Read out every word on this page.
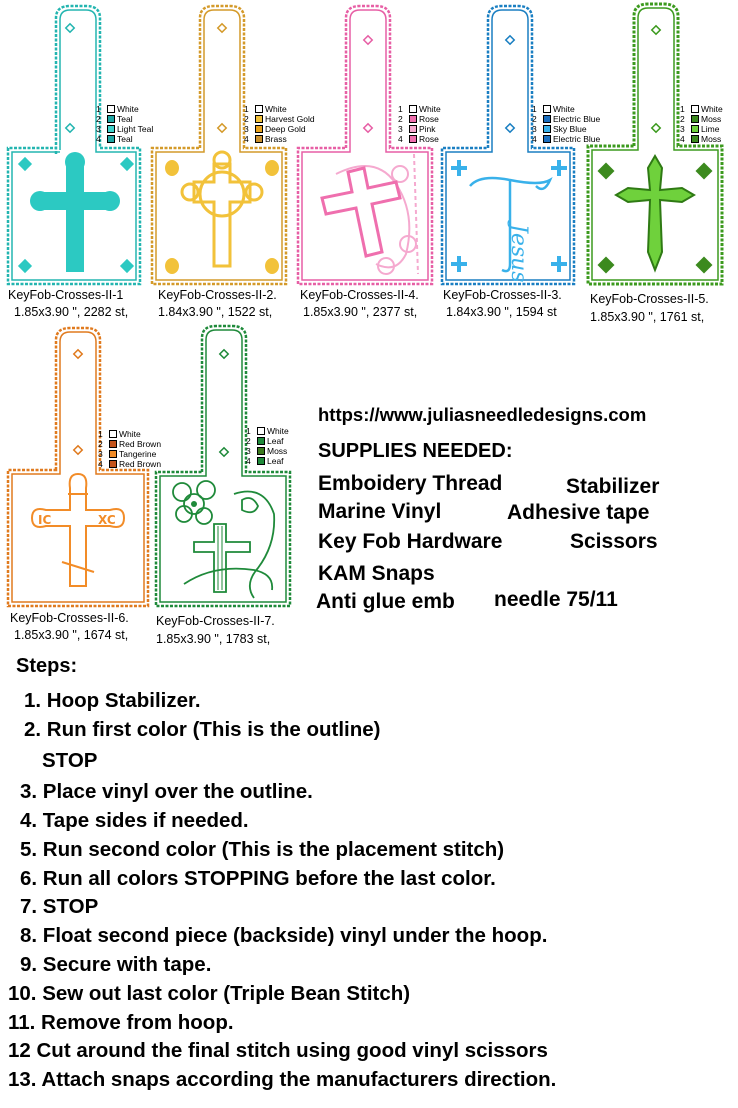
1	White
2	Teal
3	Light Teal
4	Teal
KeyFob-Crosses-II-1
1.85x3.90 ", 2282 st,
1	White
2	Harvest Gold
3	Deep Gold
4	Brass
KeyFob-Crosses-II-2.
1.84x3.90 ", 1522 st,
1	White
2	Rose
3	Pink
4	Rose
KeyFob-Crosses-II-4.
1.85x3.90 ", 2377 st,
Jesus
1	White
2	Electric Blue
3	Sky Blue
4	Electric Blue
KeyFob-Crosses-II-3.
1.84x3.90 ", 1594 st
1	White
2	Moss
3	Lime
4	Moss
KeyFob-Crosses-II-5.
1.85x3.90 ", 1761 st,
IC	XC
1	White
2	Red Brown
3	Tangerine
4	Red Brown
KeyFob-Crosses-II-6.
1.85x3.90 ", 1674 st,
1	White
2	Leaf
3	Moss
4	Leaf
KeyFob-Crosses-II-7.
1.85x3.90 ", 1783 st,
https://www.juliasneedledesigns.com
SUPPLIES NEEDED:
Emboidery Thread	Stabilizer
Marine Vinyl	Adhesive tape
Key Fob Hardware	Scissors
KAM Snaps
Anti glue emb needle 75/11
Steps:
1. Hoop Stabilizer.
2. Run first color (This is the outline)
STOP
3. Place vinyl over the outline.
4. Tape sides if needed.
5. Run second color (This is the placement stitch)
6. Run all colors STOPPING before the last color.
7. STOP
8. Float second piece (backside) vinyl under the hoop.
9. Secure with tape.
10. Sew out last color (Triple Bean Stitch)
11. Remove from hoop.
12 Cut around the final stitch using good vinyl scissors
13. Attach snaps according the manufacturers direction.
